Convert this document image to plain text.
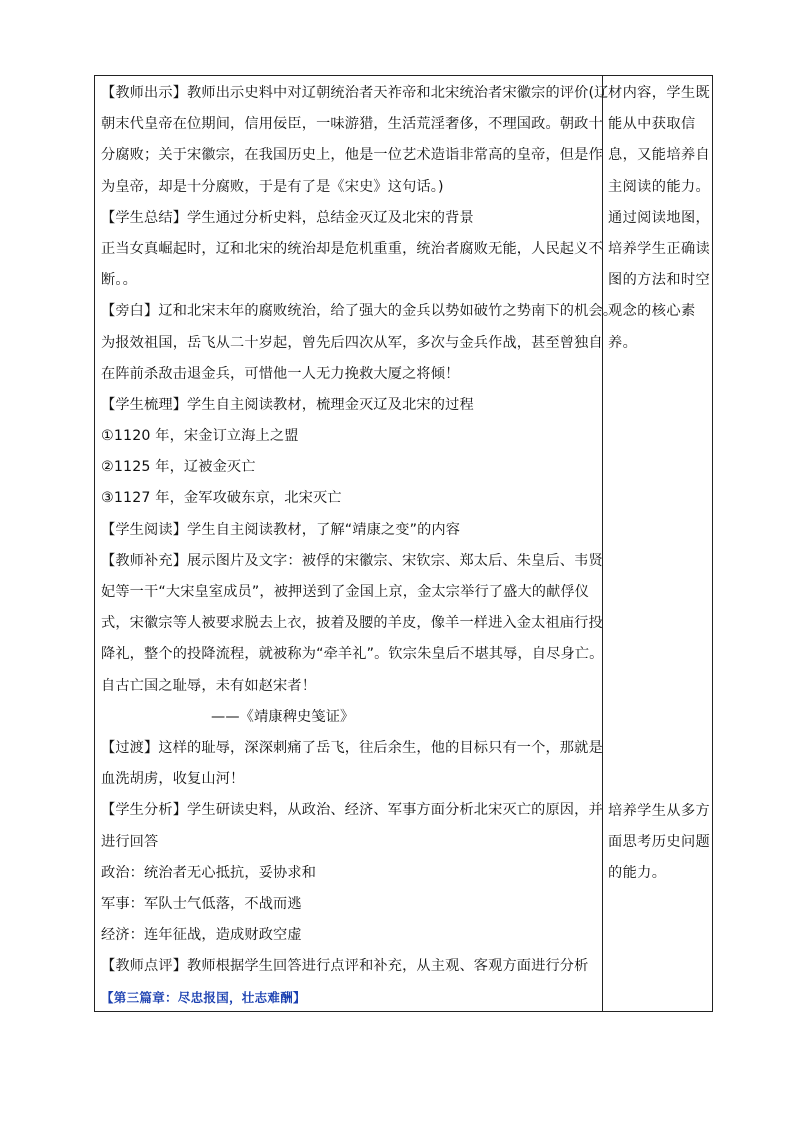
【教师出示】教师出示史料中对辽朝统治者天祚帝和北宋统治者宋徽宗的评价(辽
朝末代皇帝在位期间，信用佞臣，一味游猎，生活荒淫奢侈，不理国政。朝政十
分腐败；关于宋徽宗，在我国历史上，他是一位艺术造诣非常高的皇帝，但是作
为皇帝，却是十分腐败，于是有了是《宋史》这句话。)
【学生总结】学生通过分析史料，总结金灭辽及北宋的背景
正当女真崛起时，辽和北宋的统治却是危机重重，统治者腐败无能，人民起义不
断。。
【旁白】辽和北宋末年的腐败统治，给了强大的金兵以势如破竹之势南下的机会。
为报效祖国，岳飞从二十岁起，曾先后四次从军，多次与金兵作战，甚至曾独自
在阵前杀敌击退金兵，可惜他一人无力挽救大厦之将倾！
【学生梳理】学生自主阅读教材，梳理金灭辽及北宋的过程
①1120 年，宋金订立海上之盟
②1125 年，辽被金灭亡
③1127 年，金军攻破东京，北宋灭亡
【学生阅读】学生自主阅读教材，了解“靖康之变”的内容
【教师补充】展示图片及文字：被俘的宋徽宗、宋钦宗、郑太后、朱皇后、韦贤
妃等一干“大宋皇室成员”，被押送到了金国上京，金太宗举行了盛大的献俘仪
式，宋徽宗等人被要求脱去上衣，披着及腰的羊皮，像羊一样进入金太祖庙行投
降礼，整个的投降流程，就被称为“牵羊礼”。钦宗朱皇后不堪其辱，自尽身亡。
自古亡国之耻辱，未有如赵宋者！
——《靖康稗史笺证》
【过渡】这样的耻辱，深深刺痛了岳飞，往后余生，他的目标只有一个，那就是
血洗胡虏，收复山河！
【学生分析】学生研读史料，从政治、经济、军事方面分析北宋灭亡的原因，并
进行回答
政治：统治者无心抵抗，妥协求和
军事：军队士气低落，不战而逃
经济：连年征战，造成财政空虚
【教师点评】教师根据学生回答进行点评和补充，从主观、客观方面进行分析
【第三篇章：尽忠报国，壮志难酬】
材内容，学生既
能从中获取信
息，又能培养自
主阅读的能力。
通过阅读地图，
培养学生正确读
图的方法和时空
观念的核心素
养。
培养学生从多方
面思考历史问题
的能力。
